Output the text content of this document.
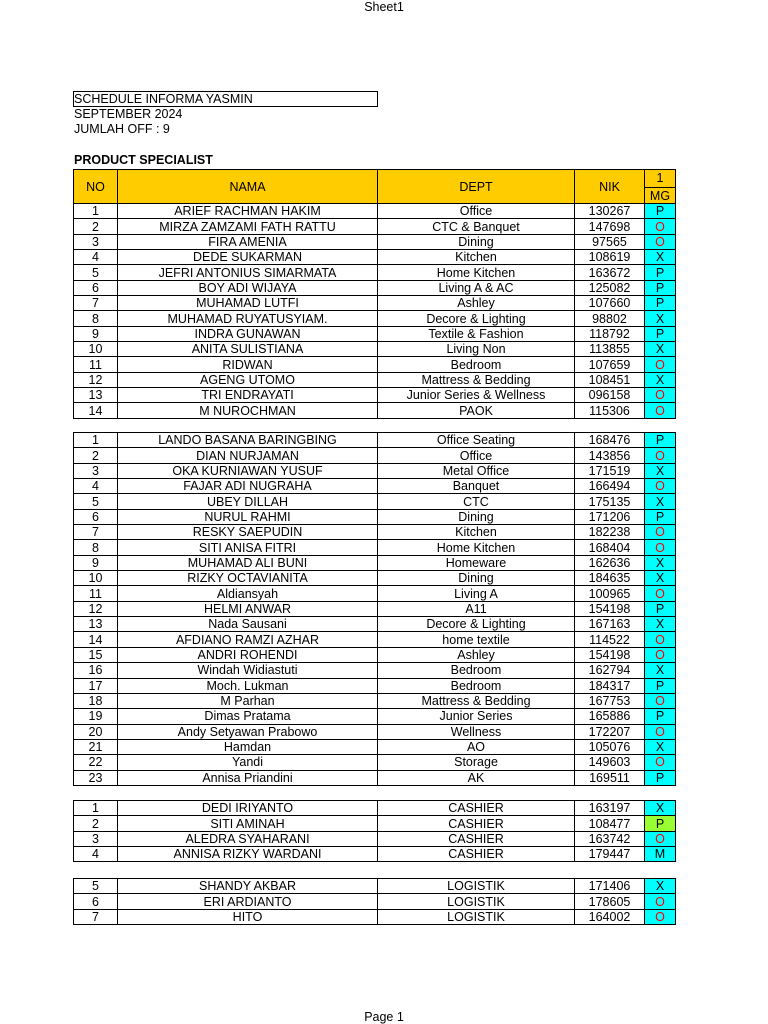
Sheet1
SCHEDULE INFORMA YASMIN
SEPTEMBER 2024
JUMLAH OFF : 9
PRODUCT SPECIALIST
NO	NAMA	DEPT	NIK	1
MG
1	ARIEF RACHMAN HAKIM	Office	130267	P
2	MIRZA ZAMZAMI FATH RATTU	CTC & Banquet	147698	O
3	FIRA AMENIA	Dining	97565	O
4	DEDE SUKARMAN	Kitchen	108619	X
5	JEFRI ANTONIUS SIMARMATA	Home Kitchen	163672	P
6	BOY ADI WIJAYA	Living A & AC	125082	P
7	MUHAMAD LUTFI	Ashley	107660	P
8	MUHAMAD RUYATUSYIAM.	Decore & Lighting	98802	X
9	INDRA GUNAWAN	Textile & Fashion	118792	P
10	ANITA SULISTIANA	Living Non	113855	X
11	RIDWAN	Bedroom	107659	O
12	AGENG UTOMO	Mattress & Bedding	108451	X
13	TRI ENDRAYATI	Junior Series & Wellness	096158	O
14	M NUROCHMAN	PAOK	115306	O
1	LANDO BASANA BARINGBING	Office Seating	168476	P
2	DIAN NURJAMAN	Office	143856	O
3	OKA KURNIAWAN YUSUF	Metal Office	171519	X
4	FAJAR ADI NUGRAHA	Banquet	166494	O
5	UBEY DILLAH	CTC	175135	X
6	NURUL RAHMI	Dining	171206	P
7	RESKY SAEPUDIN	Kitchen	182238	O
8	SITI ANISA FITRI	Home Kitchen	168404	O
9	MUHAMAD ALI BUNI	Homeware	162636	X
10	RIZKY OCTAVIANITA	Dining	184635	X
11	Aldiansyah	Living A	100965	O
12	HELMI ANWAR	A11	154198	P
13	Nada Sausani	Decore & Lighting	167163	X
14	AFDIANO RAMZI AZHAR	home textile	114522	O
15	ANDRI ROHENDI	Ashley	154198	O
16	Windah Widiastuti	Bedroom	162794	X
17	Moch. Lukman	Bedroom	184317	P
18	M Parhan	Mattress & Bedding	167753	O
19	Dimas Pratama	Junior Series	165886	P
20	Andy Setyawan Prabowo	Wellness	172207	O
21	Hamdan	AO	105076	X
22	Yandi	Storage	149603	O
23	Annisa Priandini	AK	169511	P
1	DEDI IRIYANTO	CASHIER	163197	X
2	SITI AMINAH	CASHIER	108477	P
3	ALEDRA SYAHARANI	CASHIER	163742	O
4	ANNISA RIZKY WARDANI	CASHIER	179447	M
5	SHANDY AKBAR	LOGISTIK	171406	X
6	ERI ARDIANTO	LOGISTIK	178605	O
7	HITO	LOGISTIK	164002	O
Page 1
